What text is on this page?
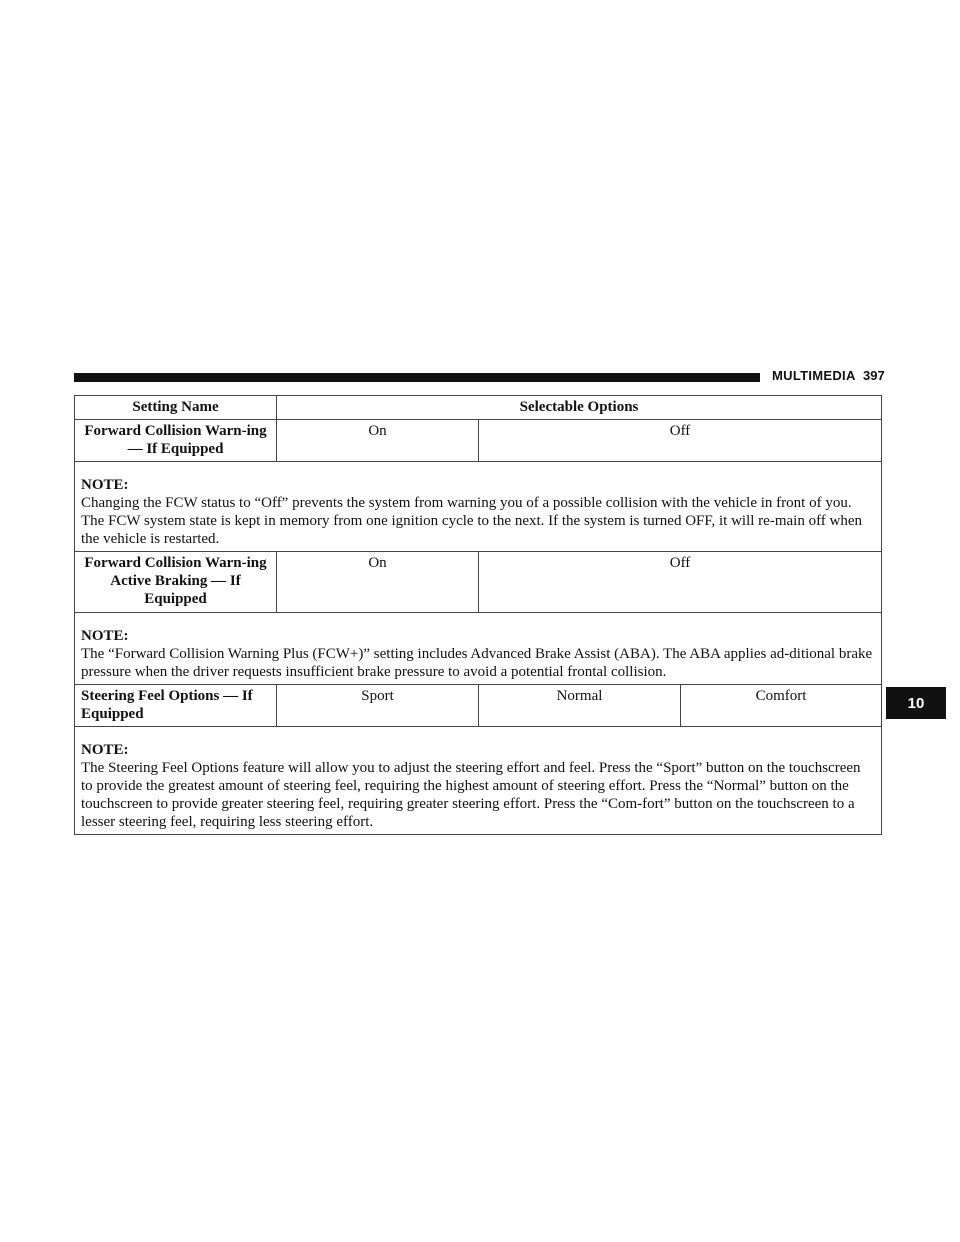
MULTIMEDIA 397
Setting Name	Selectable Options		
Forward Collision Warn-ing — If Equipped	On	Off	

NOTE:
Changing the FCW status to “Off” prevents the system from warning you of a possible collision with the vehicle in front of you.
The FCW system state is kept in memory from one ignition cycle to the next. If the system is turned OFF, it will re-main off when the vehicle is restarted.			

Forward Collision Warn-ing Active Braking — If Equipped	On	Off	

NOTE:
The “Forward Collision Warning Plus (FCW+)” setting includes Advanced Brake Assist (ABA). The ABA applies ad-ditional brake pressure when the driver requests insufficient brake pressure to avoid a potential frontal collision.			

Steering Feel Options — If Equipped	Sport	Normal	Comfort

NOTE:
The Steering Feel Options feature will allow you to adjust the steering effort and feel. Press the “Sport” button on the touchscreen to provide the greatest amount of steering feel, requiring the highest amount of steering effort. Press the “Normal” button on the touchscreen to provide greater steering feel, requiring greater steering effort. Press the “Com-fort” button on the touchscreen to a lesser steering feel, requiring less steering effort.			
10
